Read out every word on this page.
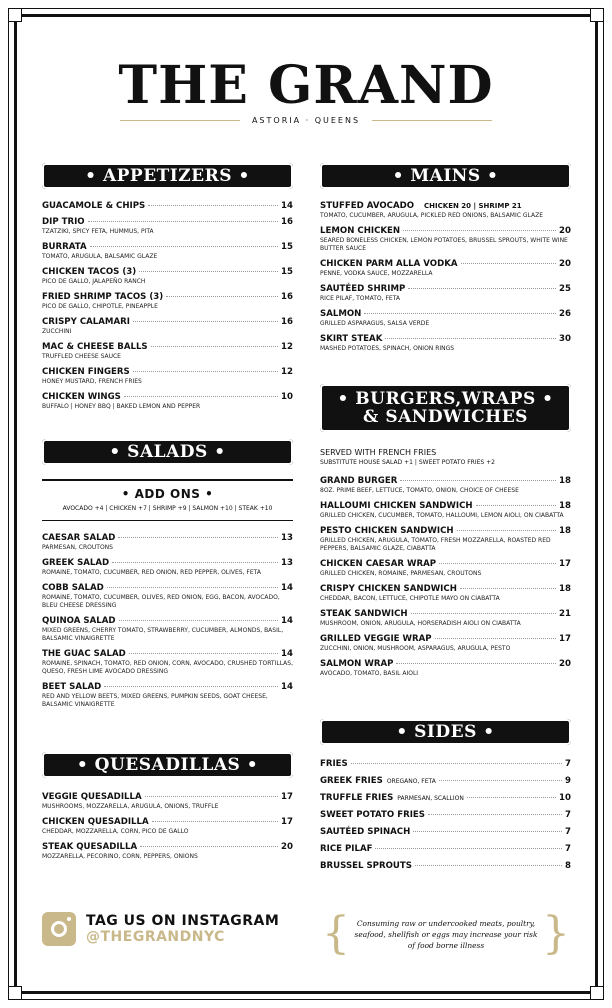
THE GRAND
ASTORIA · QUEENS
• APPETIZERS •
GUACAMOLE & CHIPS	14
DIP TRIO	16
TZATZIKI, SPICY FETA, HUMMUS, PITA
BURRATA	15
TOMATO, ARUGULA, BALSAMIC GLAZE
CHICKEN TACOS (3)	15
PICO DE GALLO, JALAPEÑO RANCH
FRIED SHRIMP TACOS (3)	16
PICO DE GALLO, CHIPOTLE, PINEAPPLE
CRISPY CALAMARI	16
ZUCCHINI
MAC & CHEESE BALLS	12
TRUFFLED CHEESE SAUCE
CHICKEN FINGERS	12
HONEY MUSTARD, FRENCH FRIES
CHICKEN WINGS	10
BUFFALO | HONEY BBQ | BAKED LEMON AND PEPPER
• SALADS •
• ADD ONS •
AVOCADO +4 | CHICKEN +7 | SHRIMP +9 | SALMON +10 | STEAK +10
CAESAR SALAD	13
PARMESAN, CROUTONS
GREEK SALAD	13
ROMAINE, TOMATO, CUCUMBER, RED ONION, RED PEPPER, OLIVES, FETA
COBB SALAD	14
ROMAINE, TOMATO, CUCUMBER, OLIVES, RED ONION, EGG, BACON, AVOCADO, BLEU CHEESE DRESSING
QUINOA SALAD	14
MIXED GREENS, CHERRY TOMATO, STRAWBERRY, CUCUMBER, ALMONDS, BASIL, BALSAMIC VINAIGRETTE
THE GUAC SALAD	14
ROMAINE, SPINACH, TOMATO, RED ONION, CORN, AVOCADO, CRUSHED TORTILLAS, QUESO, FRESH LIME AVOCADO DRESSING
BEET SALAD	14
RED AND YELLOW BEETS, MIXED GREENS, PUMPKIN SEEDS, GOAT CHEESE, BALSAMIC VINAIGRETTE
• QUESADILLAS •
VEGGIE QUESADILLA	17
MUSHROOMS, MOZZARELLA, ARUGULA, ONIONS, TRUFFLE
CHICKEN QUESADILLA	17
CHEDDAR, MOZZARELLA, CORN, PICO DE GALLO
STEAK QUESADILLA	20
MOZZARELLA, PECORINO, CORN, PEPPERS, ONIONS
• MAINS •
STUFFED AVOCADO CHICKEN 20 | SHRIMP 21
TOMATO, CUCUMBER, ARUGULA, PICKLED RED ONIONS, BALSAMIC GLAZE
LEMON CHICKEN	20
SEARED BONELESS CHICKEN, LEMON POTATOES, BRUSSEL SPROUTS, WHITE WINE BUTTER SAUCE
CHICKEN PARM ALLA VODKA	20
PENNE, VODKA SAUCE, MOZZARELLA
SAUTÉED SHRIMP	25
RICE PILAF, TOMATO, FETA
SALMON	26
GRILLED ASPARAGUS, SALSA VERDE
SKIRT STEAK	30
MASHED POTATOES, SPINACH, ONION RINGS
• BURGERS,WRAPS •
& SANDWICHES
SERVED WITH FRENCH FRIES
SUBSTITUTE HOUSE SALAD +1 | SWEET POTATO FRIES +2
GRAND BURGER	18
8OZ. PRIME BEEF, LETTUCE, TOMATO, ONION, CHOICE OF CHEESE
HALLOUMI CHICKEN SANDWICH	18
GRILLED CHICKEN, CUCUMBER, TOMATO, HALLOUMI, LEMON AIOLI, ON CIABATTA
PESTO CHICKEN SANDWICH	18
GRILLED CHICKEN, ARUGULA, TOMATO, FRESH MOZZARELLA, ROASTED RED PEPPERS, BALSAMIC GLAZE, CIABATTA
CHICKEN CAESAR WRAP	17
GRILLED CHICKEN, ROMAINE, PARMESAN, CROUTONS
CRISPY CHICKEN SANDWICH	18
CHEDDAR, BACON, LETTUCE, CHIPOTLE MAYO ON CIABATTA
STEAK SANDWICH	21
MUSHROOM, ONION, ARUGULA, HORSERADISH AIOLI ON CIABATTA
GRILLED VEGGIE WRAP	17
ZUCCHINI, ONION, MUSHROOM, ASPARAGUS, ARUGULA, PESTO
SALMON WRAP	20
AVOCADO, TOMATO, BASIL AIOLI
• SIDES •
FRIES	7
GREEK FRIES OREGANO, FETA	9
TRUFFLE FRIES PARMESAN, SCALLION	10
SWEET POTATO FRIES	7
SAUTÉED SPINACH	7
RICE PILAF	7
BRUSSEL SPROUTS	8
TAG US ON INSTAGRAM
@THEGRANDNYC	{ Consuming raw or undercooked meats, poultry, seafood, shellfish or eggs may increase your risk of food borne illness	}
